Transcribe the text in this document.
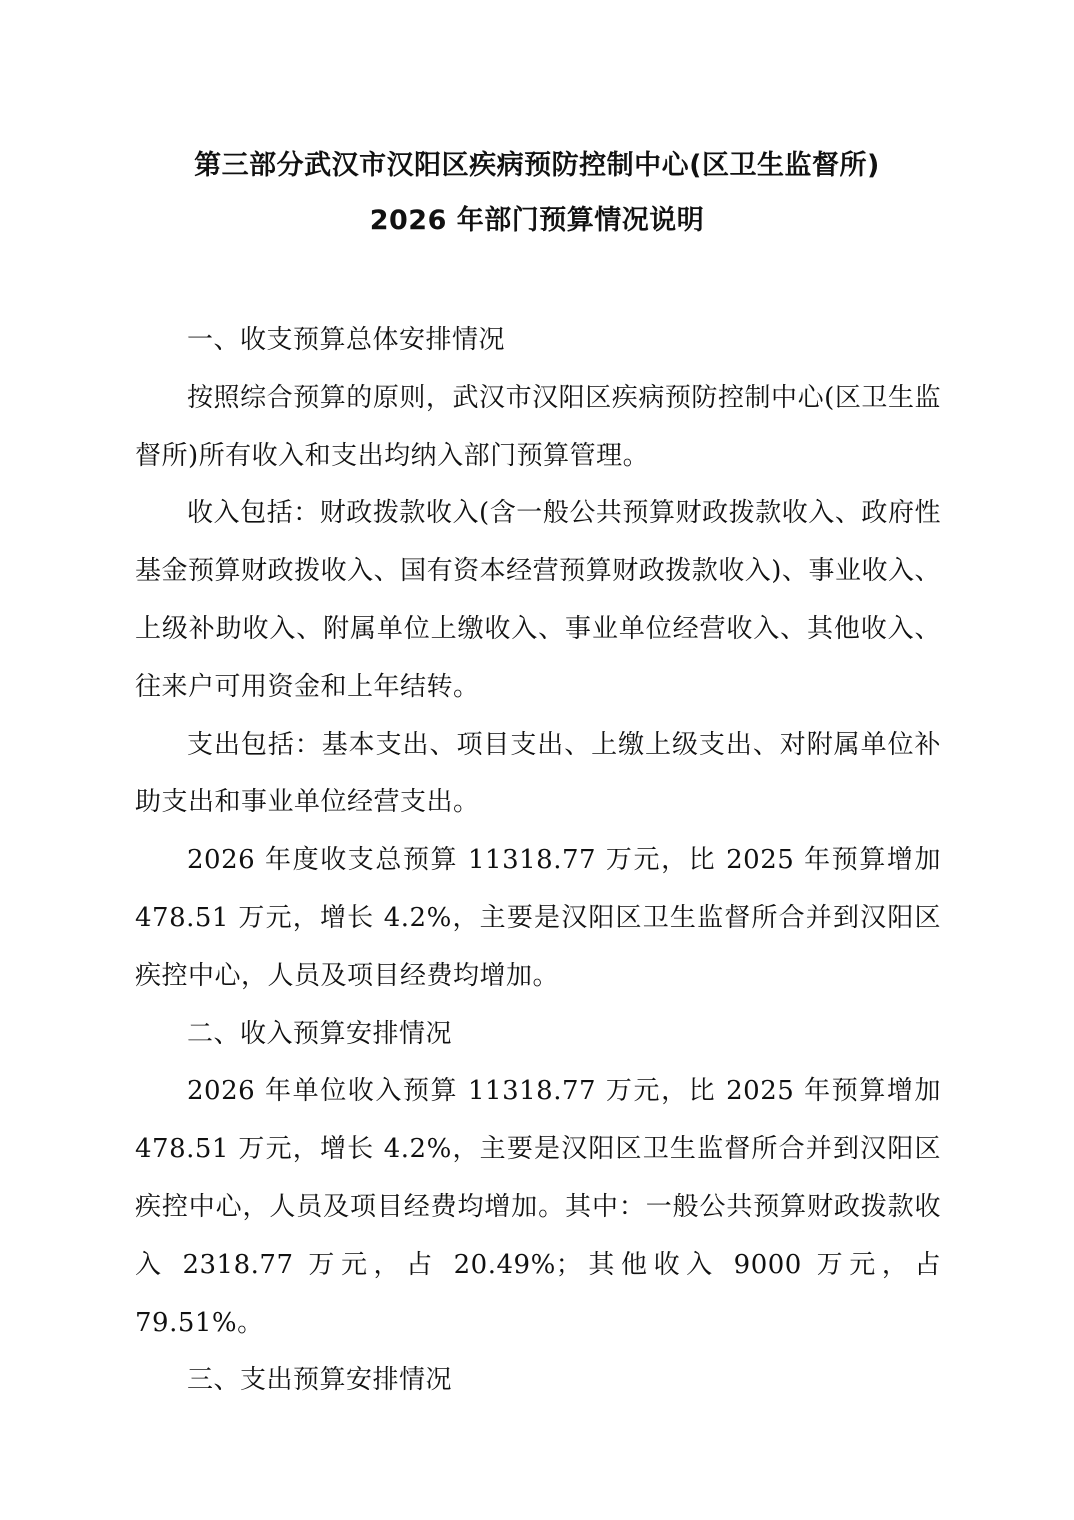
第三部分武汉市汉阳区疾病预防控制中心(区卫生监督所)
2026 年部门预算情况说明

一、收支预算总体安排情况

按照综合预算的原则，武汉市汉阳区疾病预防控制中心(区卫生监督所)所有收入和支出均纳入部门预算管理。

收入包括：财政拨款收入(含一般公共预算财政拨款收入、政府性基金预算财政拨收入、国有资本经营预算财政拨款收入)、事业收入、上级补助收入、附属单位上缴收入、事业单位经营收入、其他收入、往来户可用资金和上年结转。

支出包括：基本支出、项目支出、上缴上级支出、对附属单位补助支出和事业单位经营支出。

2026 年度收支总预算 11318.77 万元，比 2025 年预算增加 478.51 万元，增长 4.2%，主要是汉阳区卫生监督所合并到汉阳区疾控中心，人员及项目经费均增加。

二、收入预算安排情况

2026 年单位收入预算 11318.77 万元，比 2025 年预算增加 478.51 万元，增长 4.2%，主要是汉阳区卫生监督所合并到汉阳区疾控中心，人员及项目经费均增加。其中：一般公共预算财政拨款收入 2318.77 万元，占 20.49%；其他收入 9000 万元，占 79.51%。

三、支出预算安排情况
